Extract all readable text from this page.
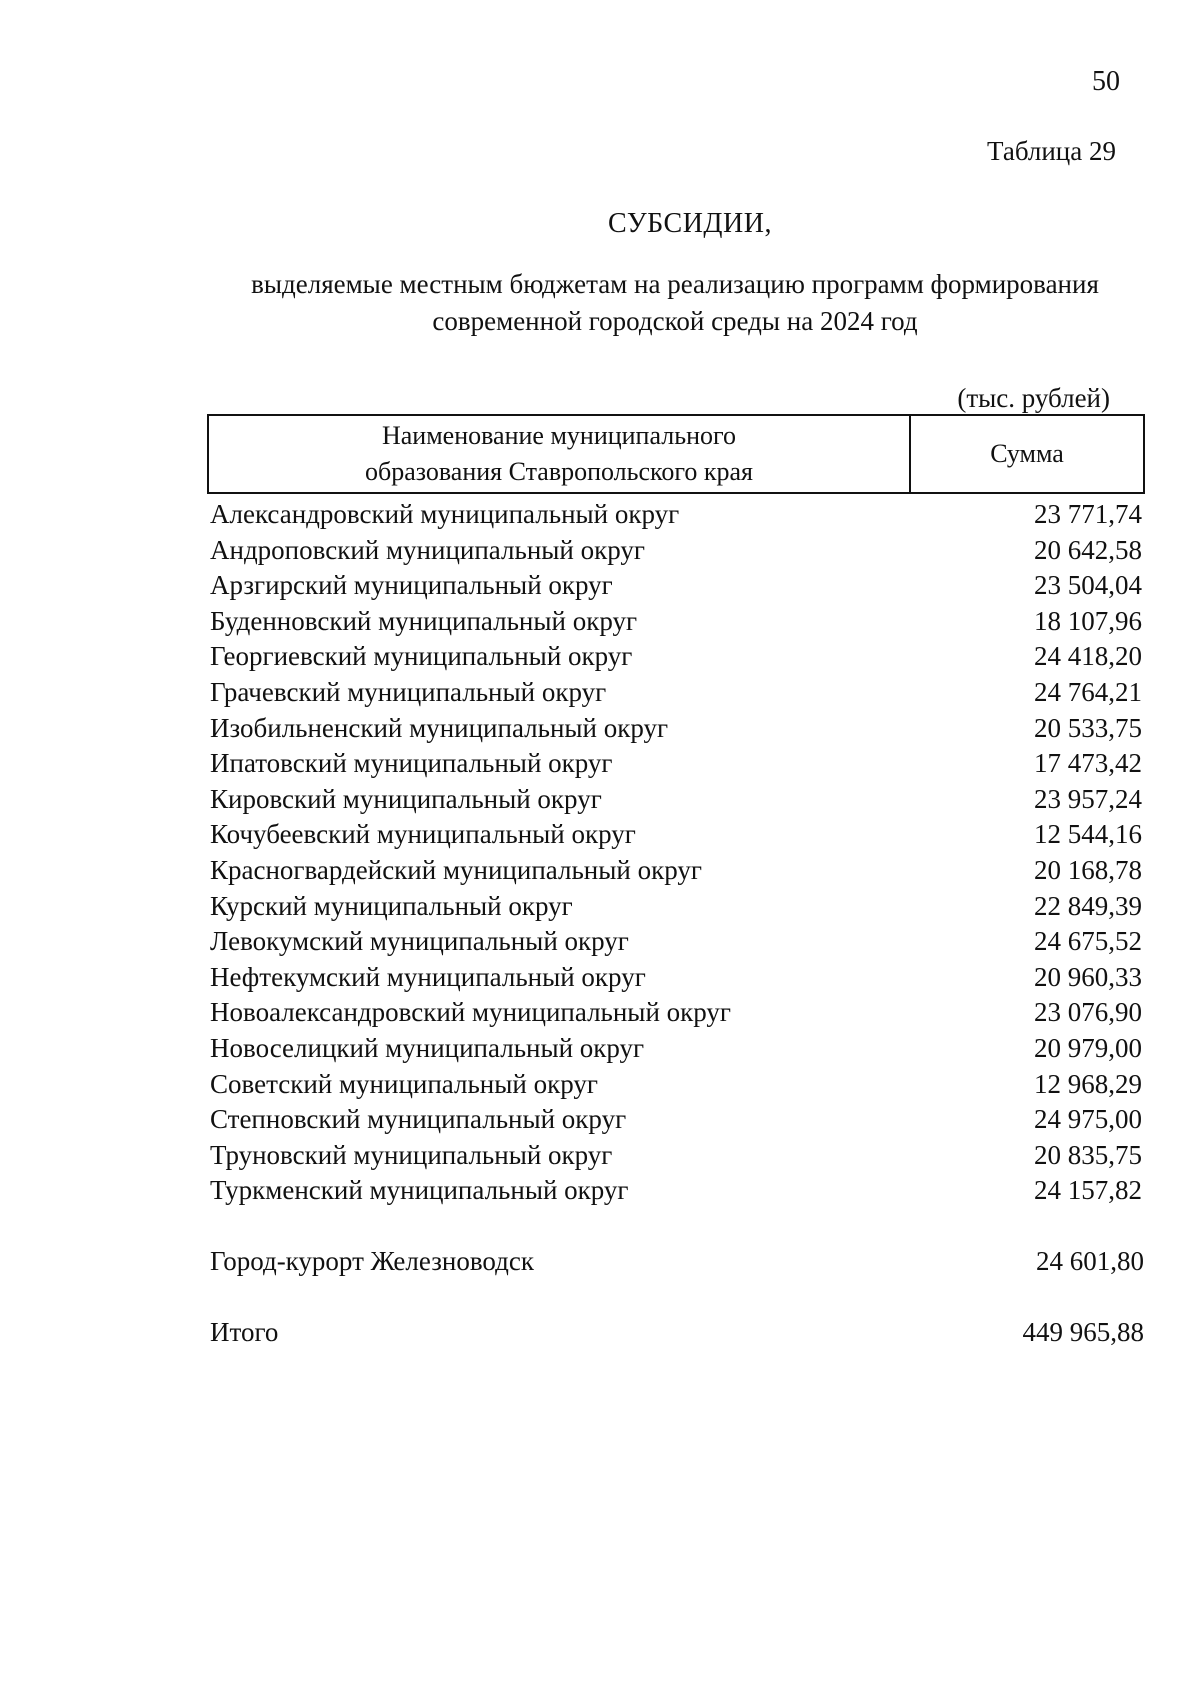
50
Таблица 29
СУБСИДИИ,
выделяемые местным бюджетам на реализацию программ формирования
современной городской среды на 2024 год
(тыс. рублей)
Наименование муниципального
образования Ставропольского края
Сумма
Александровский муниципальный округ	23 771,74
Андроповский муниципальный округ	20 642,58
Арзгирский муниципальный округ	23 504,04
Буденновский муниципальный округ	18 107,96
Георгиевский муниципальный округ	24 418,20
Грачевский муниципальный округ	24 764,21
Изобильненский муниципальный округ	20 533,75
Ипатовский муниципальный округ	17 473,42
Кировский муниципальный округ	23 957,24
Кочубеевский муниципальный округ	12 544,16
Красногвардейский муниципальный округ	20 168,78
Курский муниципальный округ	22 849,39
Левокумский муниципальный округ	24 675,52
Нефтекумский муниципальный округ	20 960,33
Новоалександровский муниципальный округ	23 076,90
Новоселицкий муниципальный округ	20 979,00
Советский муниципальный округ	12 968,29
Степновский муниципальный округ	24 975,00
Труновский муниципальный округ	20 835,75
Туркменский муниципальный округ	24 157,82
Город-курорт Железноводск	24 601,80
Итого	449 965,88
